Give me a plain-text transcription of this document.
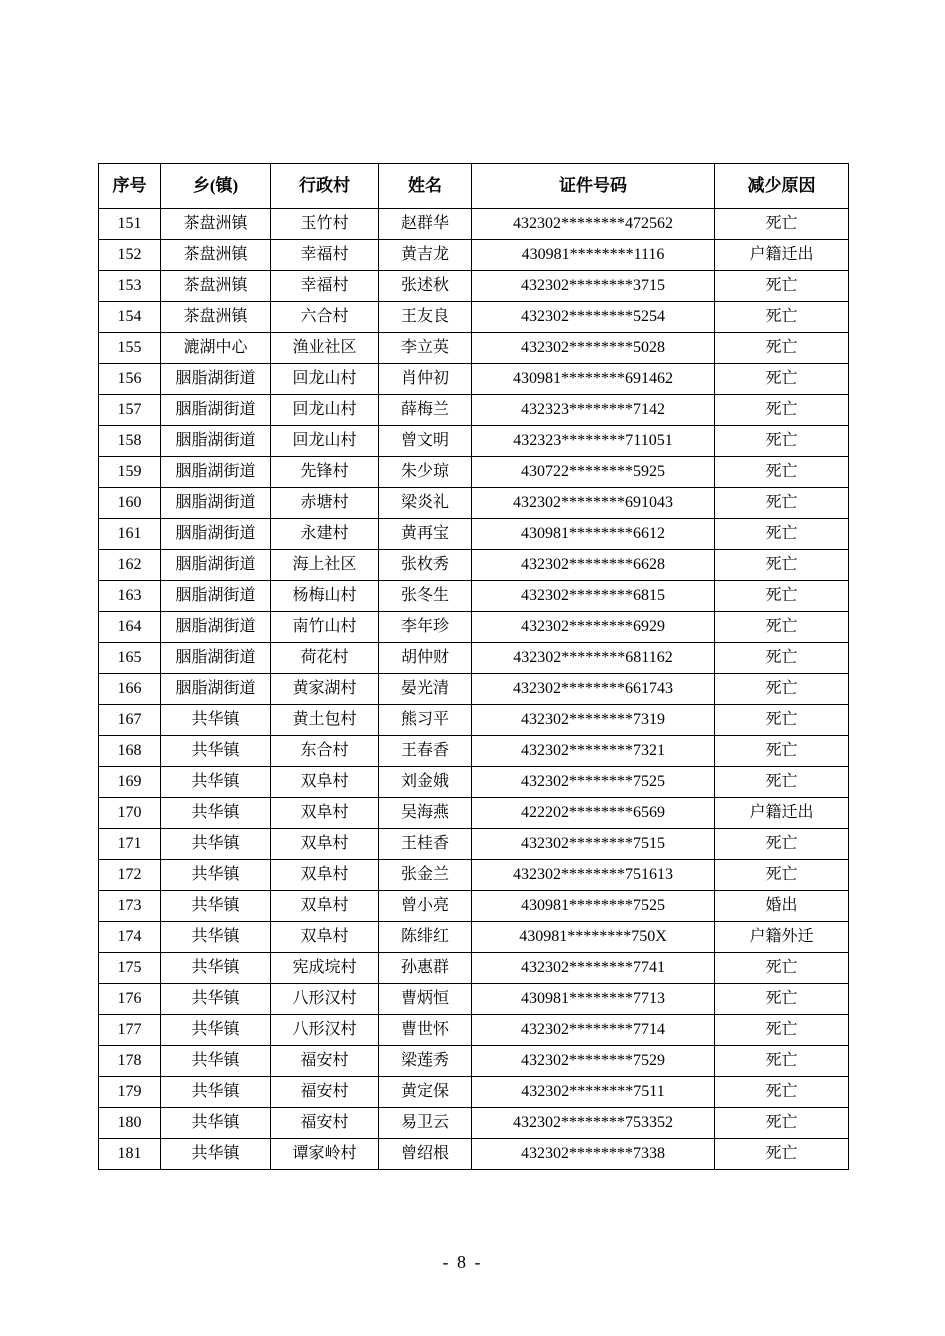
序号	乡(镇)	行政村	姓名	证件号码	减少原因
151	茶盘洲镇	玉竹村	赵群华	432302********472562	死亡
152	茶盘洲镇	幸福村	黄吉龙	430981********1116	户籍迁出
153	茶盘洲镇	幸福村	张述秋	432302********3715	死亡
154	茶盘洲镇	六合村	王友良	432302********5254	死亡
155	漉湖中心	渔业社区	李立英	432302********5028	死亡
156	胭脂湖街道	回龙山村	肖仲初	430981********691462	死亡
157	胭脂湖街道	回龙山村	薛梅兰	432323********7142	死亡
158	胭脂湖街道	回龙山村	曾文明	432323********711051	死亡
159	胭脂湖街道	先锋村	朱少琼	430722********5925	死亡
160	胭脂湖街道	赤塘村	梁炎礼	432302********691043	死亡
161	胭脂湖街道	永建村	黄再宝	430981********6612	死亡
162	胭脂湖街道	海上社区	张枚秀	432302********6628	死亡
163	胭脂湖街道	杨梅山村	张冬生	432302********6815	死亡
164	胭脂湖街道	南竹山村	李年珍	432302********6929	死亡
165	胭脂湖街道	荷花村	胡仲财	432302********681162	死亡
166	胭脂湖街道	黄家湖村	晏光清	432302********661743	死亡
167	共华镇	黄土包村	熊习平	432302********7319	死亡
168	共华镇	东合村	王春香	432302********7321	死亡
169	共华镇	双阜村	刘金娥	432302********7525	死亡
170	共华镇	双阜村	吴海燕	422202********6569	户籍迁出
171	共华镇	双阜村	王桂香	432302********7515	死亡
172	共华镇	双阜村	张金兰	432302********751613	死亡
173	共华镇	双阜村	曾小亮	430981********7525	婚出
174	共华镇	双阜村	陈绯红	430981********750X	户籍外迁
175	共华镇	宪成垸村	孙惠群	432302********7741	死亡
176	共华镇	八形汉村	曹炳恒	430981********7713	死亡
177	共华镇	八形汉村	曹世怀	432302********7714	死亡
178	共华镇	福安村	梁莲秀	432302********7529	死亡
179	共华镇	福安村	黄定保	432302********7511	死亡
180	共华镇	福安村	易卫云	432302********753352	死亡
181	共华镇	谭家岭村	曾绍根	432302********7338	死亡
- 8 -
